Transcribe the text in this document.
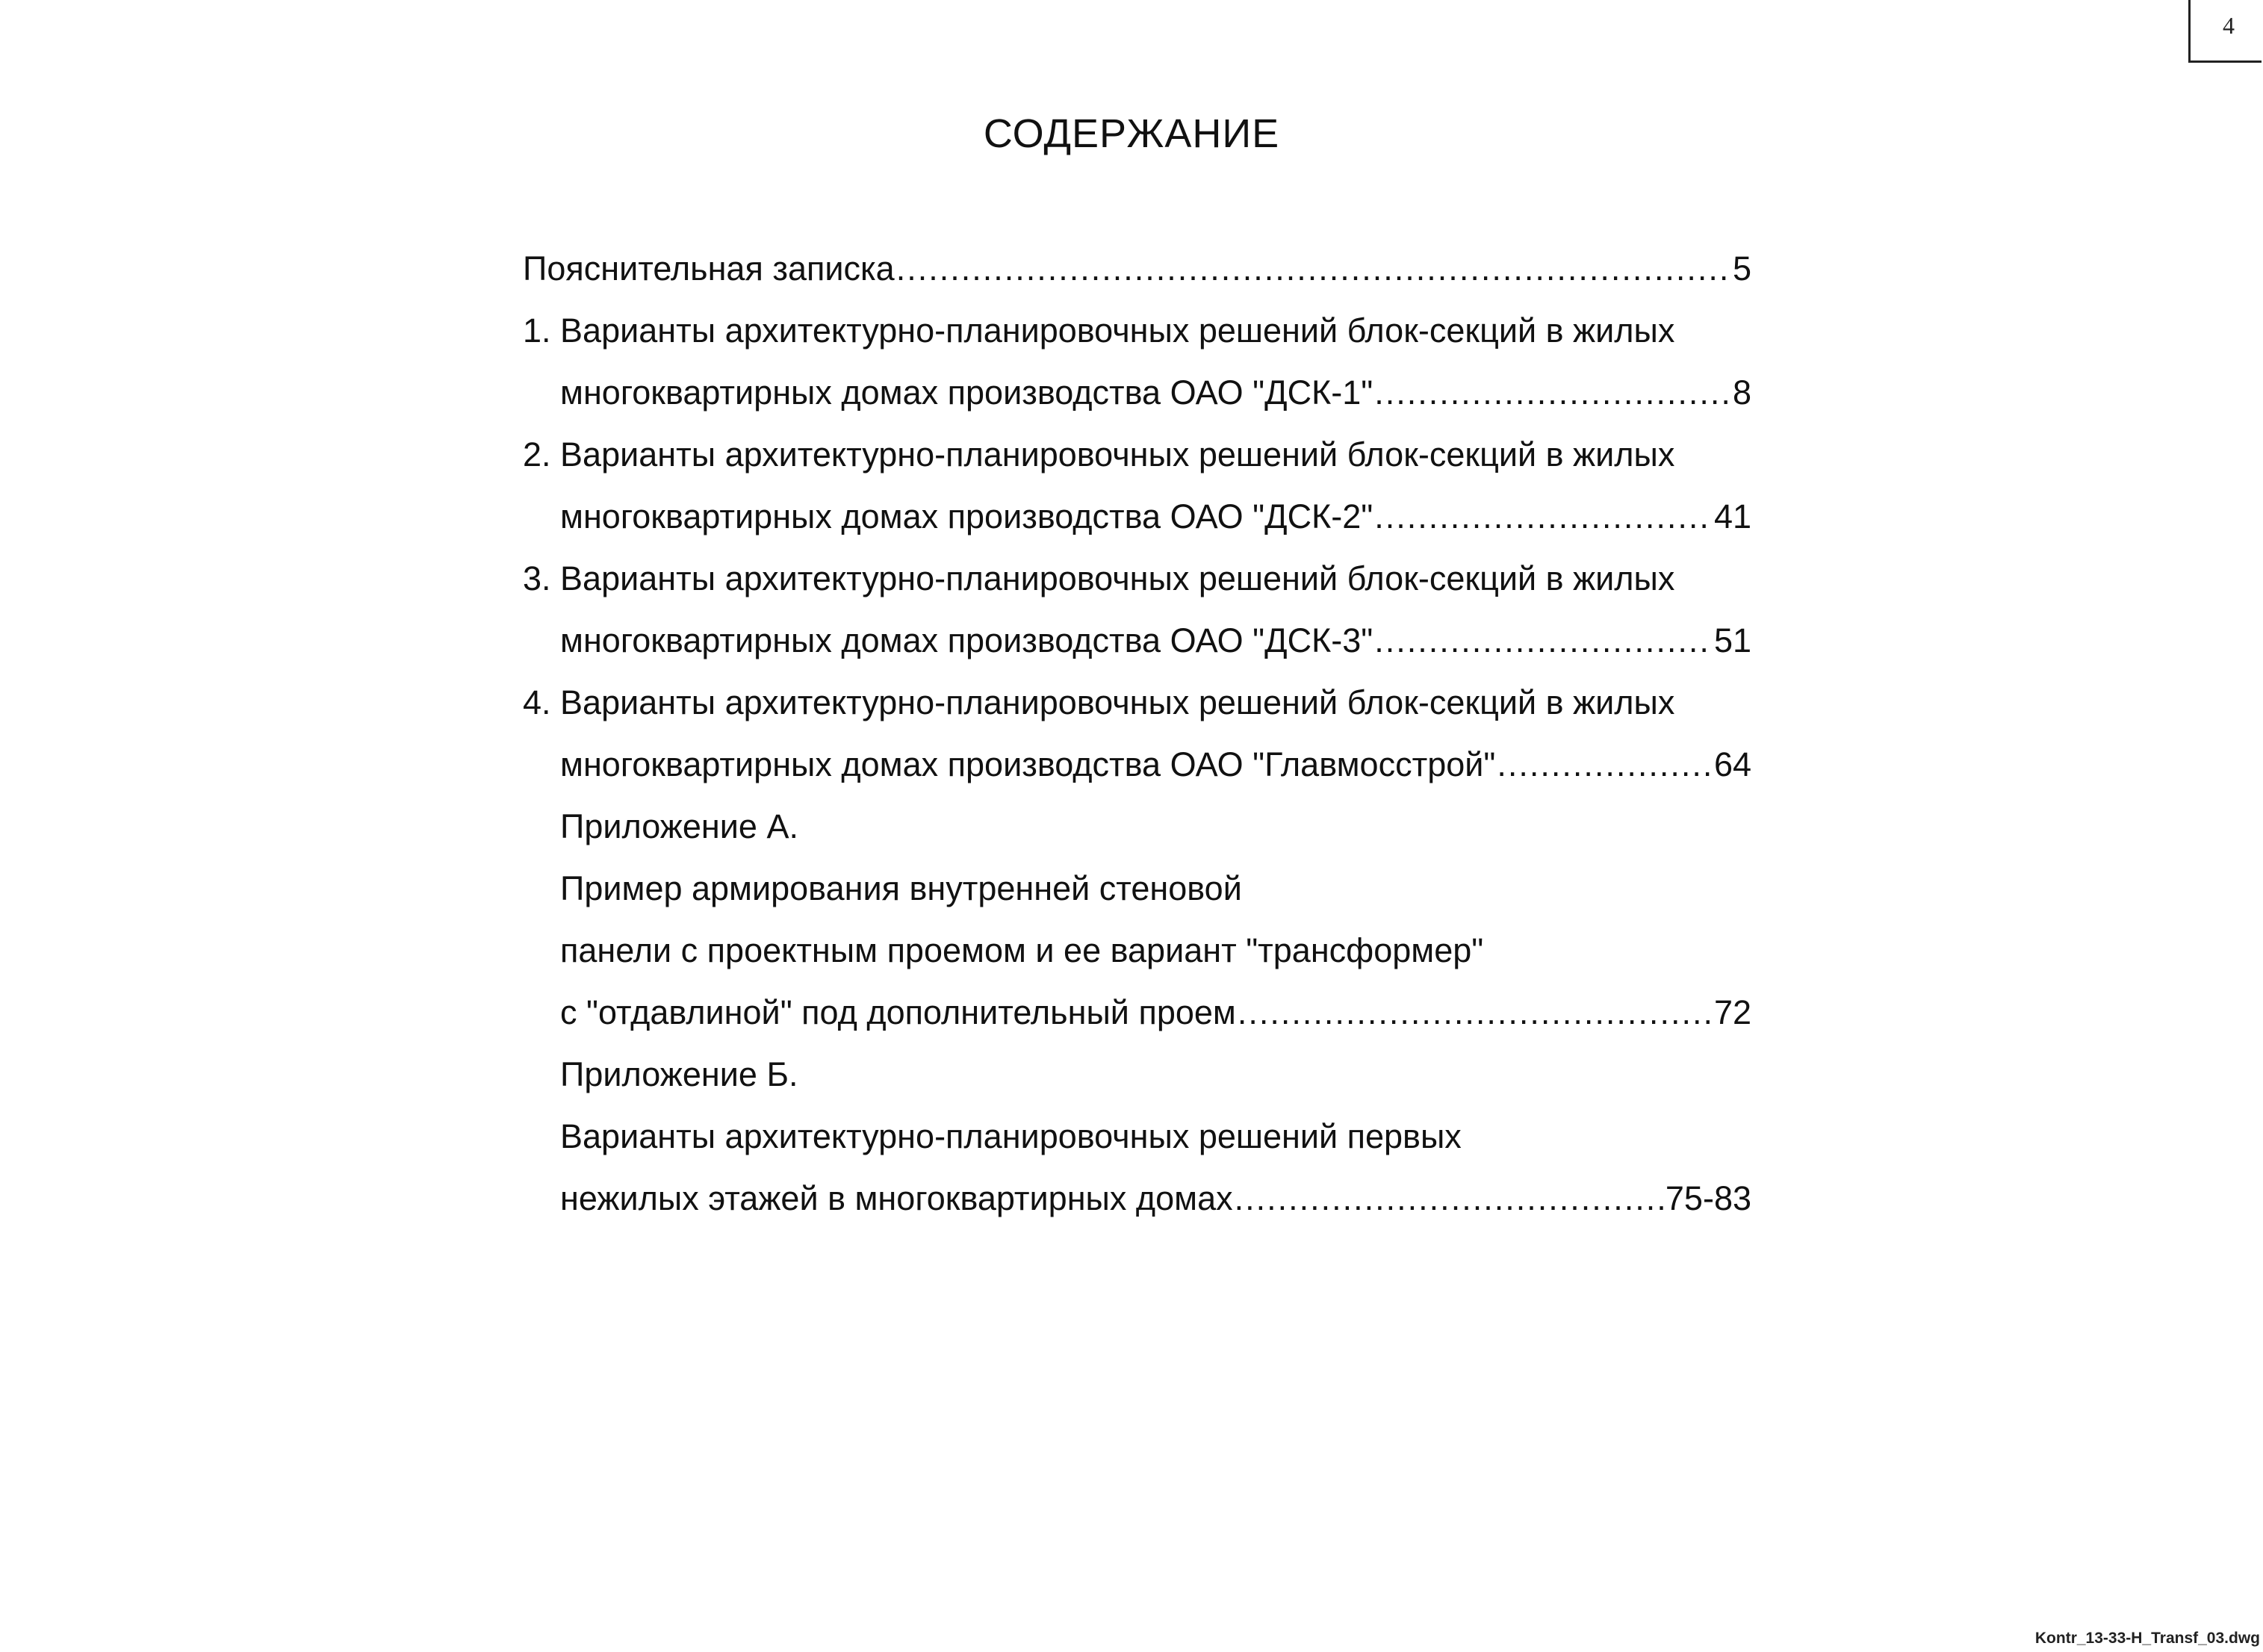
4
СОДЕРЖАНИЕ
Пояснительная записка .....	5
1. Варианты архитектурно-планировочных решений блок-секций в жилых
многоквартирных домах производства ОАО "ДСК-1" .....	8
2. Варианты архитектурно-планировочных решений блок-секций в жилых
многоквартирных домах производства ОАО "ДСК-2" .....	41
3. Варианты архитектурно-планировочных решений блок-секций в жилых
многоквартирных домах производства ОАО "ДСК-3" .....	51
4. Варианты архитектурно-планировочных решений блок-секций в жилых
многоквартирных домах производства ОАО "Главмосстрой" .....	64
Приложение А.
Пример армирования внутренней стеновой
панели с проектным проемом и ее вариант "трансформер"
с "отдавлиной" под дополнительный проем .....	72
Приложение Б.
Варианты архитектурно-планировочных решений первых
нежилых этажей в многоквартирных домах .....	75-83
Kontr_13-33-H_Transf_03.dwg
